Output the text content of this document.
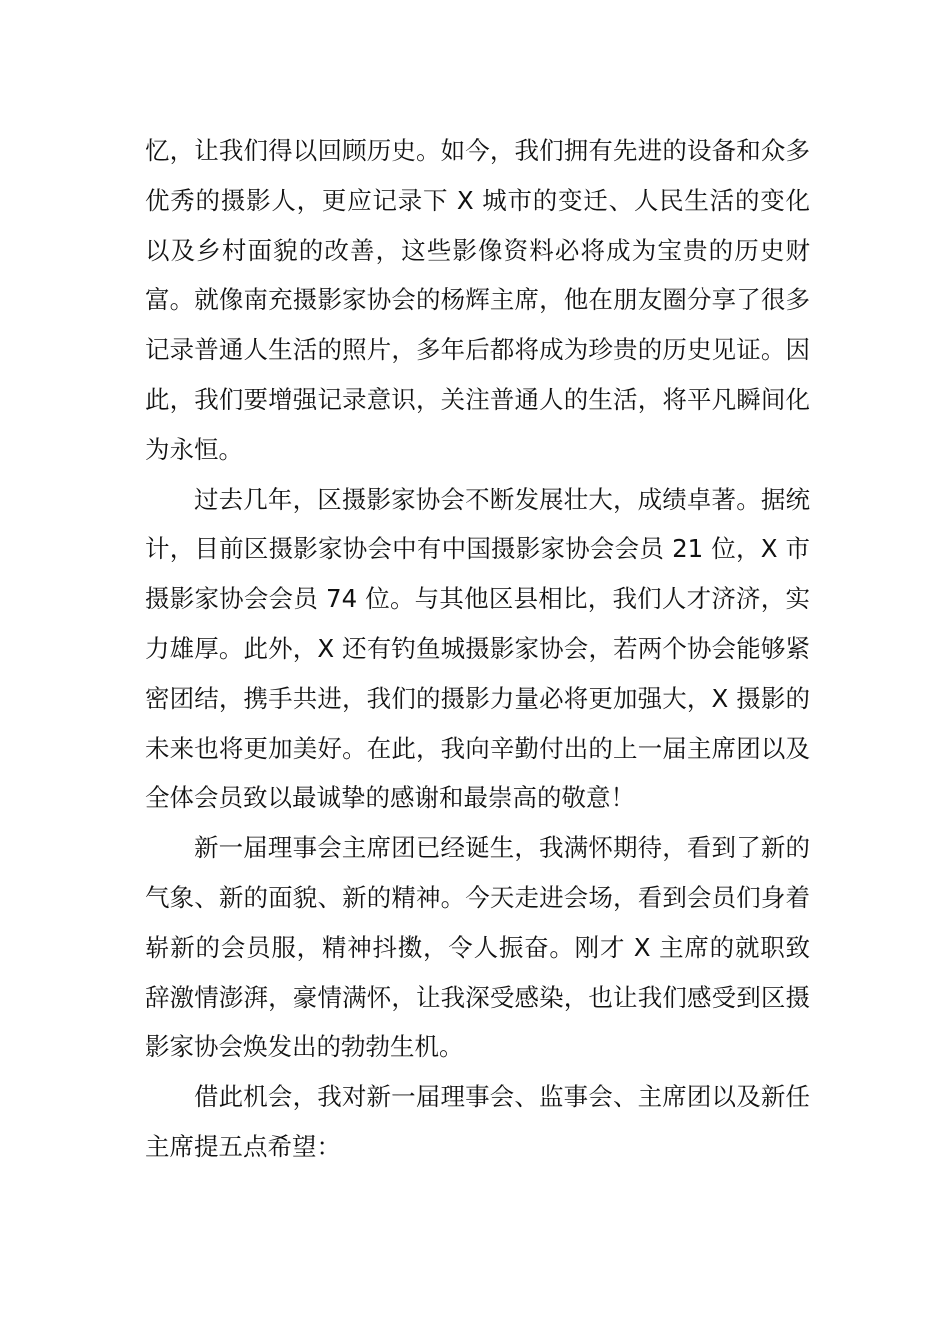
忆，让我们得以回顾历史。如今，我们拥有先进的设备和众多优秀的摄影人，更应记录下 X 城市的变迁、人民生活的变化以及乡村面貌的改善，这些影像资料必将成为宝贵的历史财富。就像南充摄影家协会的杨辉主席，他在朋友圈分享了很多记录普通人生活的照片，多年后都将成为珍贵的历史见证。因此，我们要增强记录意识，关注普通人的生活，将平凡瞬间化为永恒。

过去几年，区摄影家协会不断发展壮大，成绩卓著。据统计，目前区摄影家协会中有中国摄影家协会会员 21 位，X 市摄影家协会会员 74 位。与其他区县相比，我们人才济济，实力雄厚。此外，X 还有钓鱼城摄影家协会，若两个协会能够紧密团结，携手共进，我们的摄影力量必将更加强大，X 摄影的未来也将更加美好。在此，我向辛勤付出的上一届主席团以及全体会员致以最诚挚的感谢和最崇高的敬意！

新一届理事会主席团已经诞生，我满怀期待，看到了新的气象、新的面貌、新的精神。今天走进会场，看到会员们身着崭新的会员服，精神抖擞，令人振奋。刚才 X 主席的就职致辞激情澎湃，豪情满怀，让我深受感染，也让我们感受到区摄影家协会焕发出的勃勃生机。

借此机会，我对新一届理事会、监事会、主席团以及新任主席提五点希望：
